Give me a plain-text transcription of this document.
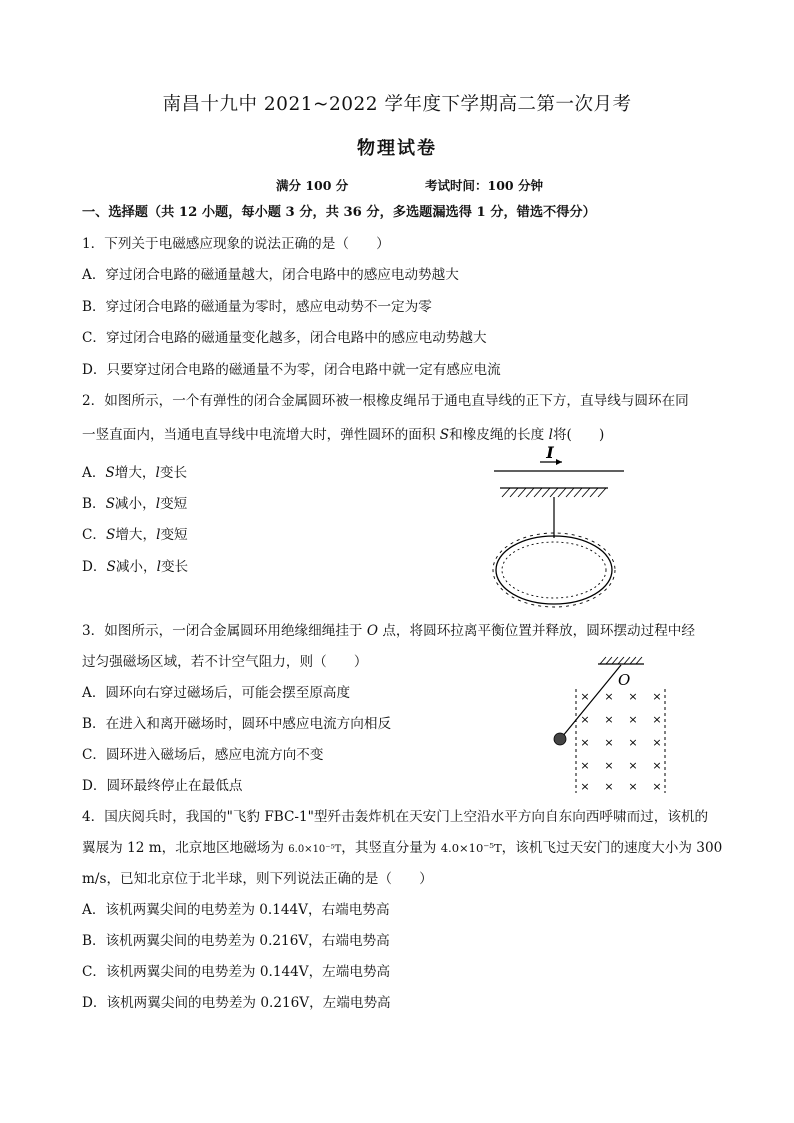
南昌十九中 2021~2022 学年度下学期高二第一次月考
物理试卷
满分 100 分	考试时间：100 分钟
一、选择题（共 12 小题，每小题 3 分，共 36 分，多选题漏选得 1 分，错选不得分）
1．下列关于电磁感应现象的说法正确的是（　　）
A．穿过闭合电路的磁通量越大，闭合电路中的感应电动势越大
B．穿过闭合电路的磁通量为零时，感应电动势不一定为零
C．穿过闭合电路的磁通量变化越多，闭合电路中的感应电动势越大
D．只要穿过闭合电路的磁通量不为零，闭合电路中就一定有感应电流
2．如图所示，一个有弹性的闭合金属圆环被一根橡皮绳吊于通电直导线的正下方，直导线与圆环在同
一竖直面内，当通电直导线中电流增大时，弹性圆环的面积 S和橡皮绳的长度 l将(　　)
A．S增大，l变长
B．S减小，l变短
C．S增大，l变短
D．S减小，l变长
I
3．如图所示，一闭合金属圆环用绝缘细绳挂于 O 点，将圆环拉离平衡位置并释放，圆环摆动过程中经
过匀强磁场区域，若不计空气阻力，则（　　）
A．圆环向右穿过磁场后，可能会摆至原高度
B．在进入和离开磁场时，圆环中感应电流方向相反
C．圆环进入磁场后，感应电流方向不变
D．圆环最终停止在最低点
O
× × × ×
× × × ×
× × × ×
× × × ×
× × × ×
4．国庆阅兵时，我国的"飞豹 FBC-1"型歼击轰炸机在天安门上空沿水平方向自东向西呼啸而过，该机的
翼展为 12 m，北京地区地磁场为 6.0×10⁻⁵T，其竖直分量为 4.0×10⁻⁵T，该机飞过天安门的速度大小为 300
m/s，已知北京位于北半球，则下列说法正确的是（　　）
A．该机两翼尖间的电势差为 0.144V，右端电势高
B．该机两翼尖间的电势差为 0.216V，右端电势高
C．该机两翼尖间的电势差为 0.144V，左端电势高
D．该机两翼尖间的电势差为 0.216V，左端电势高
